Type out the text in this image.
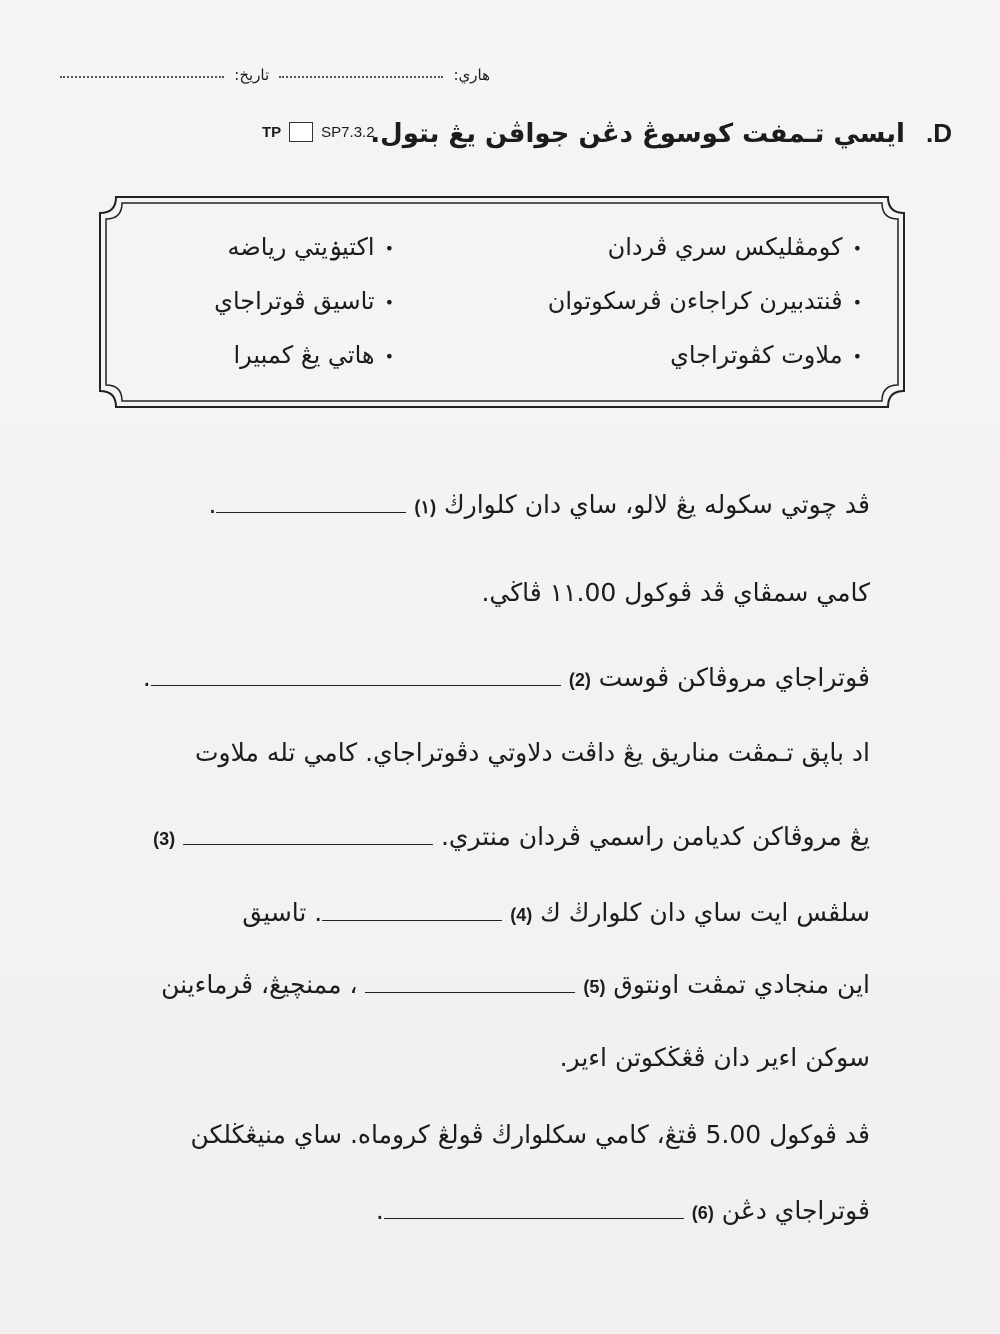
هاري:
تاريخ:
D. ايسي تـمفت كوسوڠ دڠن جواڤن يڠ بتول.
TP	SP7.3.2
•كومڤليكس سري ڤردان
•اكتيۏيتي رياضه
•ڤنتدبيرن كراجاءن ڤرسكوتوان
•تاسيق ڤوتراجاي
•ملاوت كڤوتراجاي
•هاتي يڠ كمبيرا
ڤد چوتي سكوله يڠ لالو، ساي دان كلوارڬ (١) .
كامي سمڤاي ڤد ڤوكول ١١.00 ڤاڬي.
ڤوتراجاي مروڤاكن ڤوست (2) .
اد باڽق تـمڤت مناريق يڠ داڤت دلاوتي دڤوتراجاي. كامي تله ملاوت
يڠ مروڤاكن كديامن راسمي ڤردان منتري.  (3)
سلڤس ايت ساي دان كلوارڬ ك (4) . تاسيق
اين منجادي تمڤت اونتوق (5)  ، ممنچيڠ، ڤرماءينن
سوكن اءير دان ڤڠڬكوتن اءير.
ڤد ڤوكول 5.00 ڤتڠ، كامي سكلوارڬ ڤولڠ كروماه. ساي منيڠڬلكن
ڤوتراجاي دڠن (6) .
